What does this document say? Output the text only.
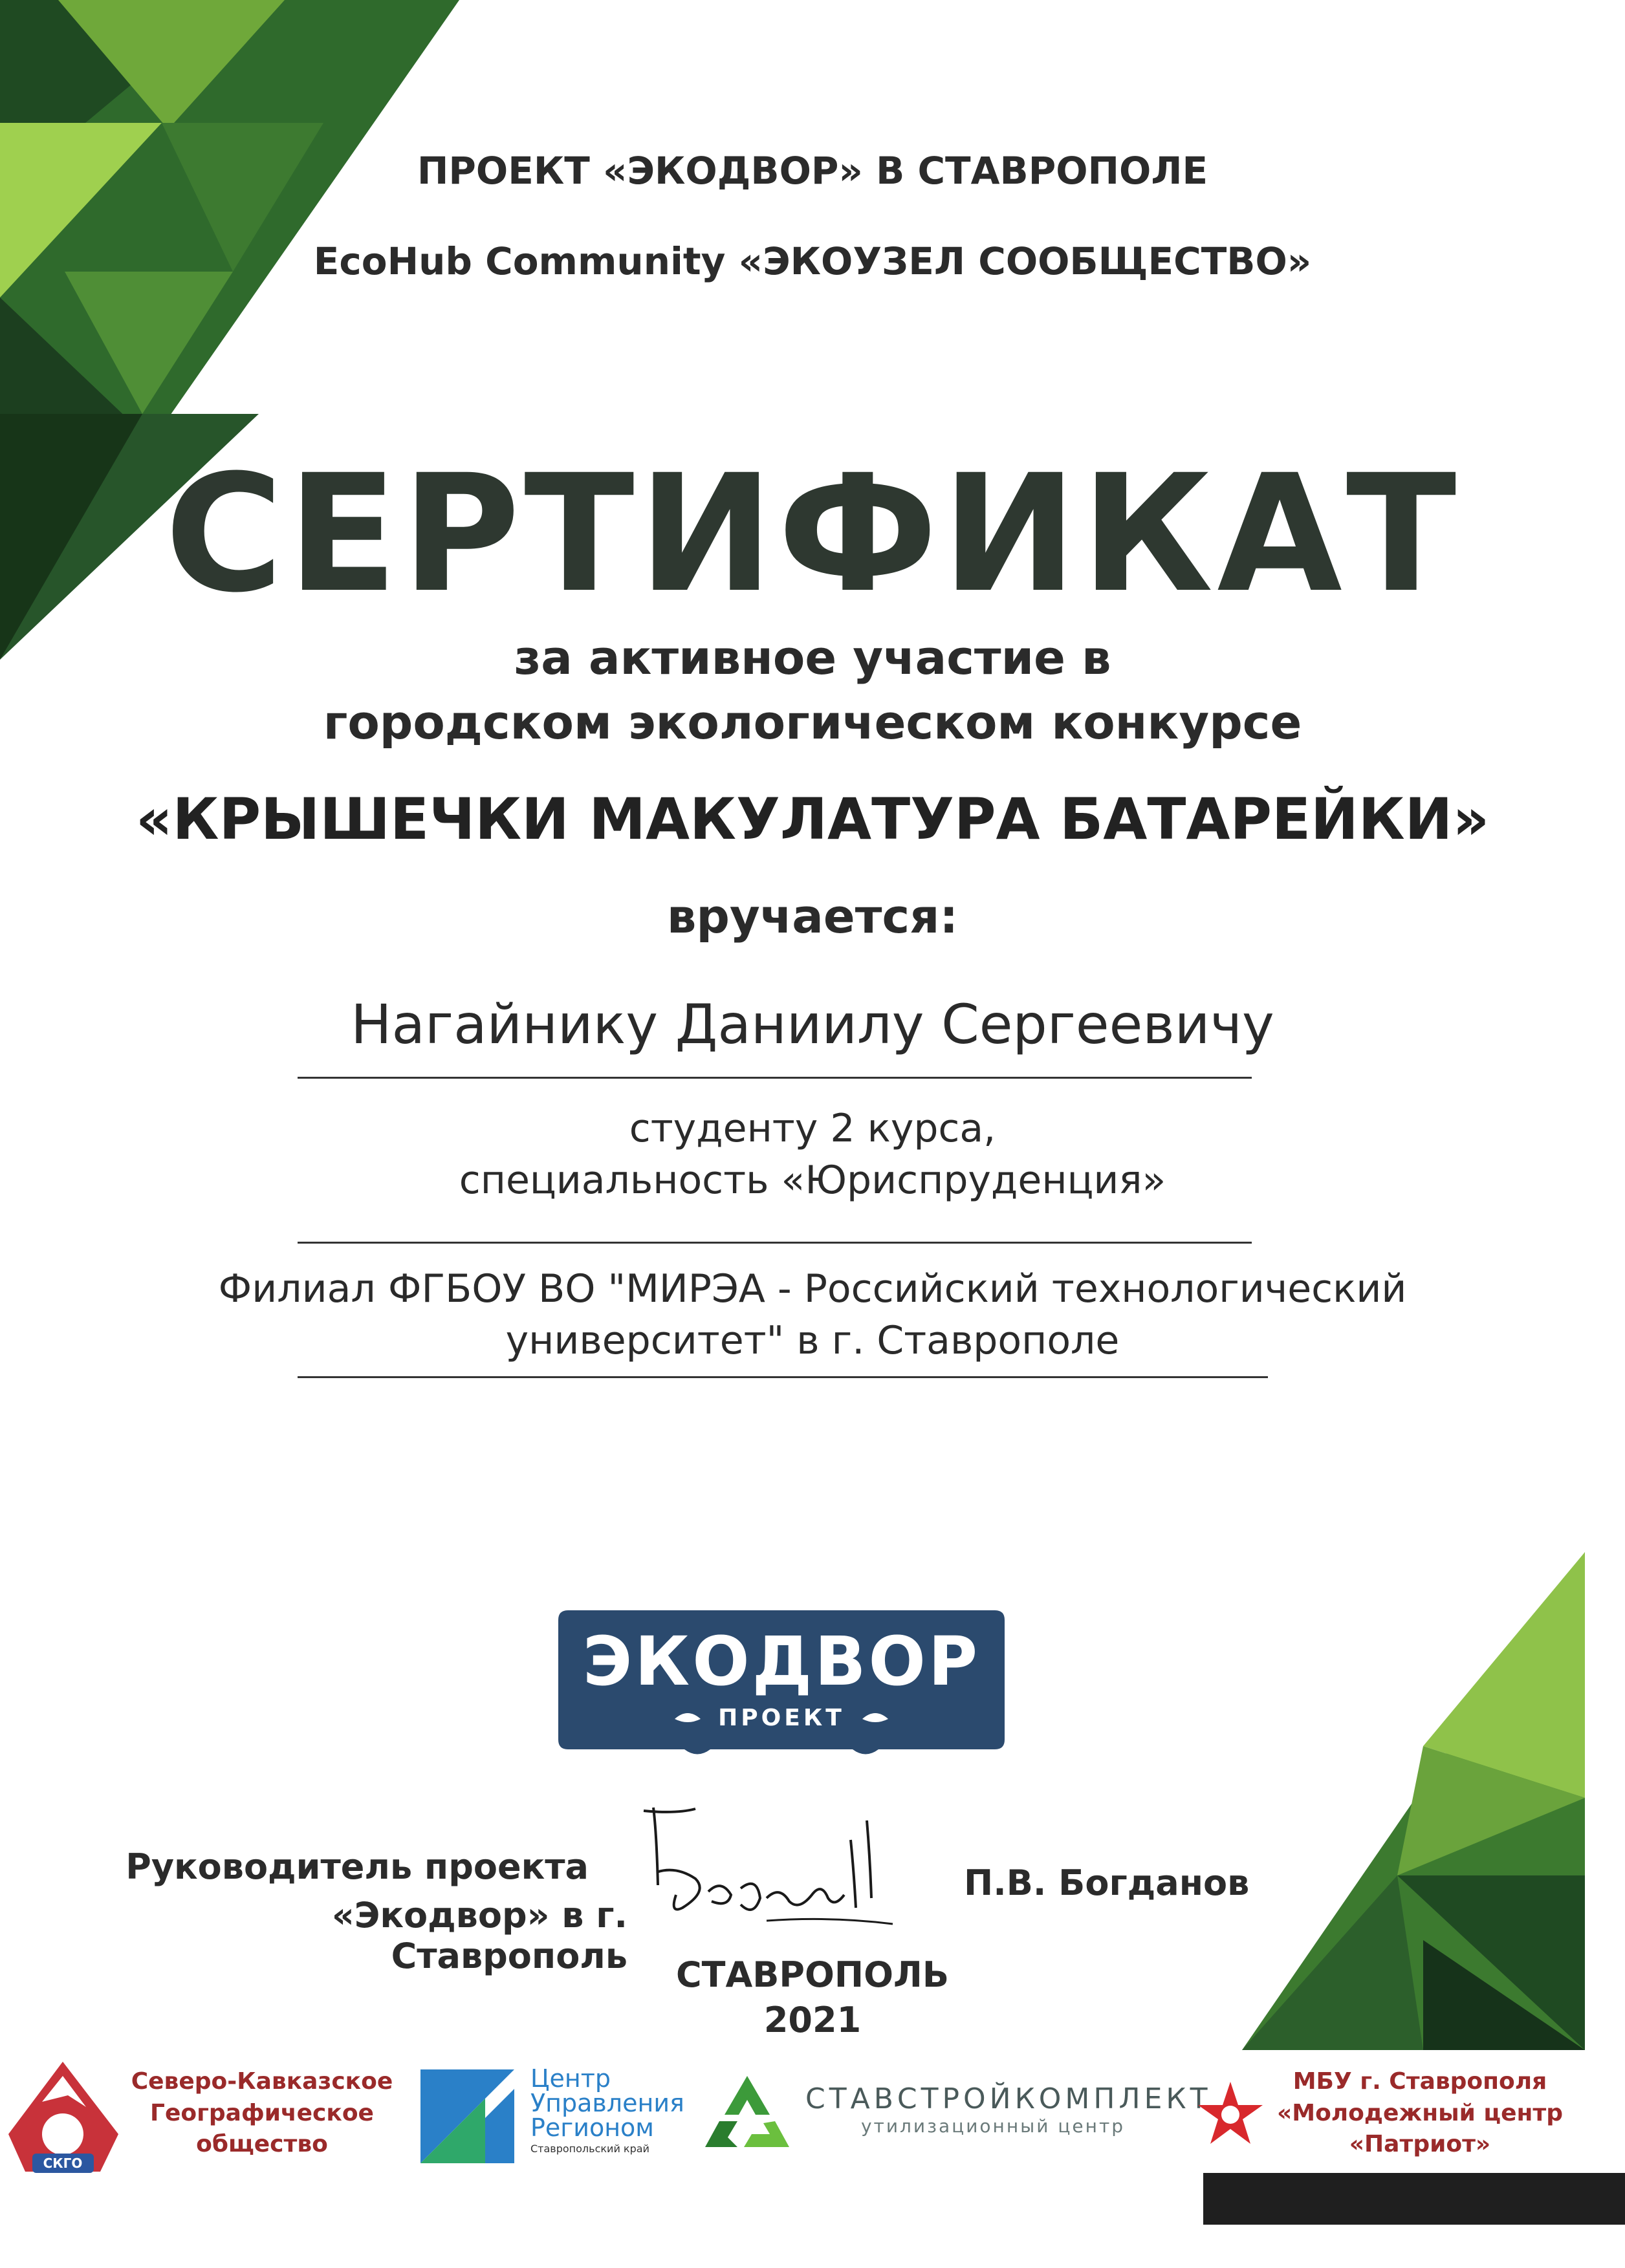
ПРОЕКТ «ЭКОДВОР» В СТАВРОПОЛЕ
EcoHub Community «ЭКОУЗЕЛ СООБЩЕСТВО»
СЕРТИФИКАТ
за активное участие в
городском экологическом конкурсе
«КРЫШЕЧКИ МАКУЛАТУРА БАТАРЕЙКИ»
вручается:
Нагайнику Даниилу Сергеевичу
студенту 2 курса,
специальность «Юриспруденция»
Филиал ФГБОУ ВО "МИРЭА - Российский технологический
университет" в г. Ставрополе
ЭКОДВОР
ПРОЕКТ
Руководитель проекта
«Экодвор» в г. Ставрополь
П.В. Богданов
СТАВРОПОЛЬ
2021
СКГО
Северо-Кавказское
Географическое
общество
Центр
Управления
Регионом
Ставропольский край
СТАВСТРОЙКОМПЛЕКТ
утилизационный центр
МБУ г. Ставрополя
«Молодежный центр
«Патриот»
